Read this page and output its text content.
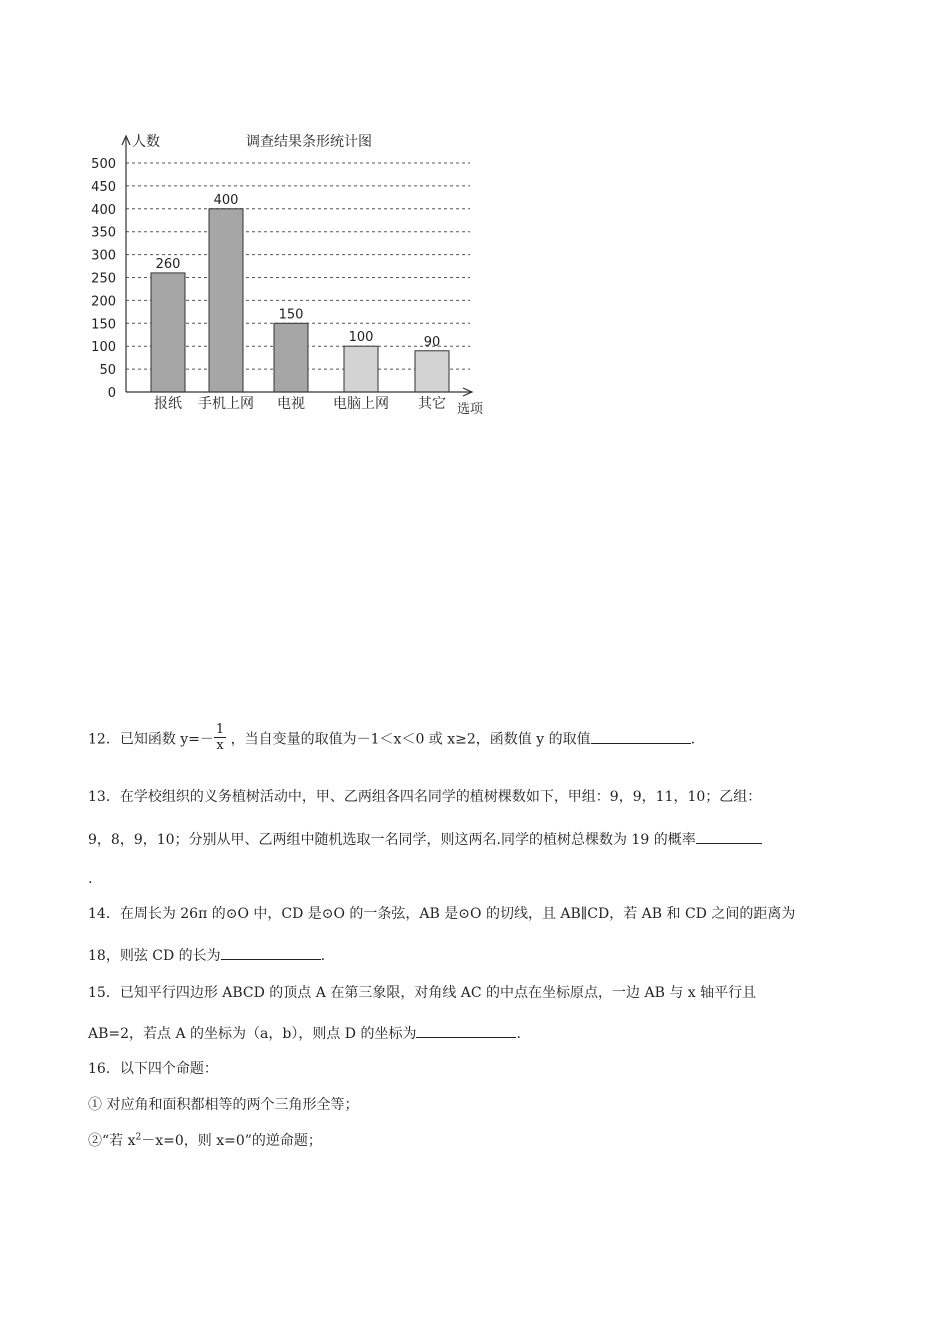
调查结果条形统计图
人数
选项
260
报纸
400
手机上网
150
电视
100
电脑上网
90
其它
0
50
100
150
200
250
300
350
400
450
500
12．已知函数 $y=- \frac{1}{x}$ ，当自变量的取值为－1＜x＜0 或 x≥2，函数值 y 的取值	.
13．在学校组织的义务植树活动中，甲、乙两组各四名同学的植树棵数如下，甲组：9，9，11，10；乙组：
9，8，9，10；分别从甲、乙两组中随机选取一名同学，则这两名.同学的植树总棵数为 19 的概率
.
14．在周长为 26π 的⊙O 中，CD 是⊙O 的一条弦，AB 是⊙O 的切线，且 AB∥CD，若 AB 和 CD 之间的距离为
18，则弦 CD 的长为	.
15．已知平行四边形 ABCD 的顶点 A 在第三象限，对角线 AC 的中点在坐标原点，一边 AB 与 x 轴平行且
AB=2，若点 A 的坐标为（a，b），则点 D 的坐标为	.
16．以下四个命题：
① 对应角和面积都相等的两个三角形全等；
②“若 $x^2-x=0$，则 x=0”的逆命题；
